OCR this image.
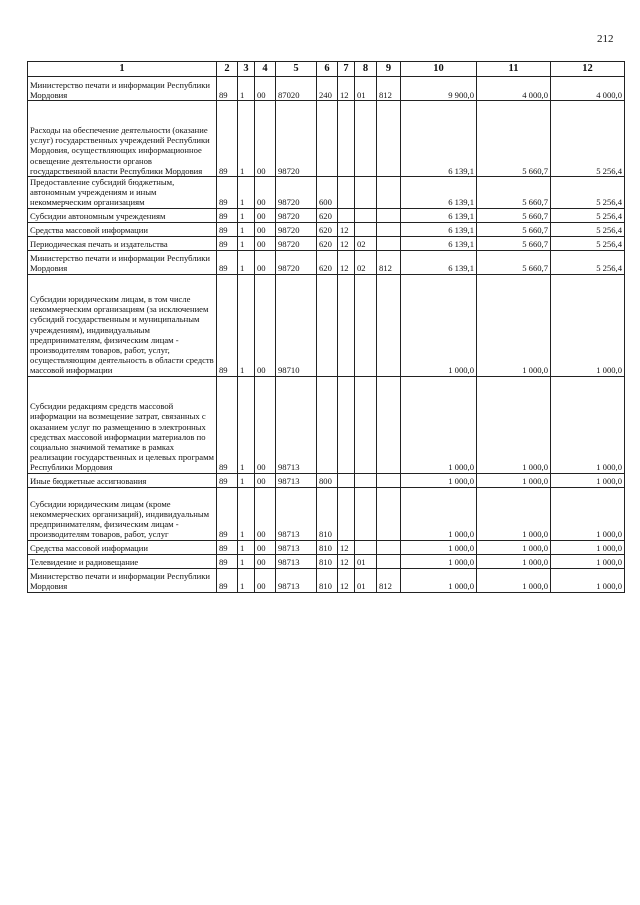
212
1	2	3	4	5	6	7	8	9	10	11	12
Министерство печати и информации Республики Мордовия	89	1	00	87020	240	12	01	812	9 900,0	4 000,0	4 000,0
Расходы на обеспечение деятельности (оказание услуг) государственных учреждений Республики Мордовия, осуществляющих информационное освещение деятельности органов государственной власти Республики Мордовия	89	1	00	98720					6 139,1	5 660,7	5 256,4
Предоставление субсидий бюджетным, автономным учреждениям и иным некоммерческим организациям	89	1	00	98720	600				6 139,1	5 660,7	5 256,4
Субсидии автономным учреждениям	89	1	00	98720	620				6 139,1	5 660,7	5 256,4
Средства массовой информации	89	1	00	98720	620	12			6 139,1	5 660,7	5 256,4
Периодическая печать и издательства	89	1	00	98720	620	12	02		6 139,1	5 660,7	5 256,4
Министерство печати и информации Республики Мордовия	89	1	00	98720	620	12	02	812	6 139,1	5 660,7	5 256,4
Субсидии юридическим лицам, в том числе некоммерческим организациям (за исключением субсидий государственным и муниципальным учреждениям), индивидуальным предпринимателям, физическим лицам - производителям товаров, работ, услуг, осуществляющим деятельность в области средств массовой информации	89	1	00	98710					1 000,0	1 000,0	1 000,0
Субсидии редакциям средств массовой информации на возмещение затрат, связанных с оказанием услуг по размещению в электронных средствах массовой информации материалов по социально значимой тематике в рамках реализации государственных и целевых программ Республики Мордовия	89	1	00	98713					1 000,0	1 000,0	1 000,0
Иные бюджетные ассигнования	89	1	00	98713	800				1 000,0	1 000,0	1 000,0
Субсидии юридическим лицам (кроме некоммерческих организаций), индивидуальным предпринимателям, физическим лицам - производителям товаров, работ, услуг	89	1	00	98713	810				1 000,0	1 000,0	1 000,0
Средства массовой информации	89	1	00	98713	810	12			1 000,0	1 000,0	1 000,0
Телевидение и радиовещание	89	1	00	98713	810	12	01		1 000,0	1 000,0	1 000,0
Министерство печати и информации Республики Мордовия	89	1	00	98713	810	12	01	812	1 000,0	1 000,0	1 000,0
